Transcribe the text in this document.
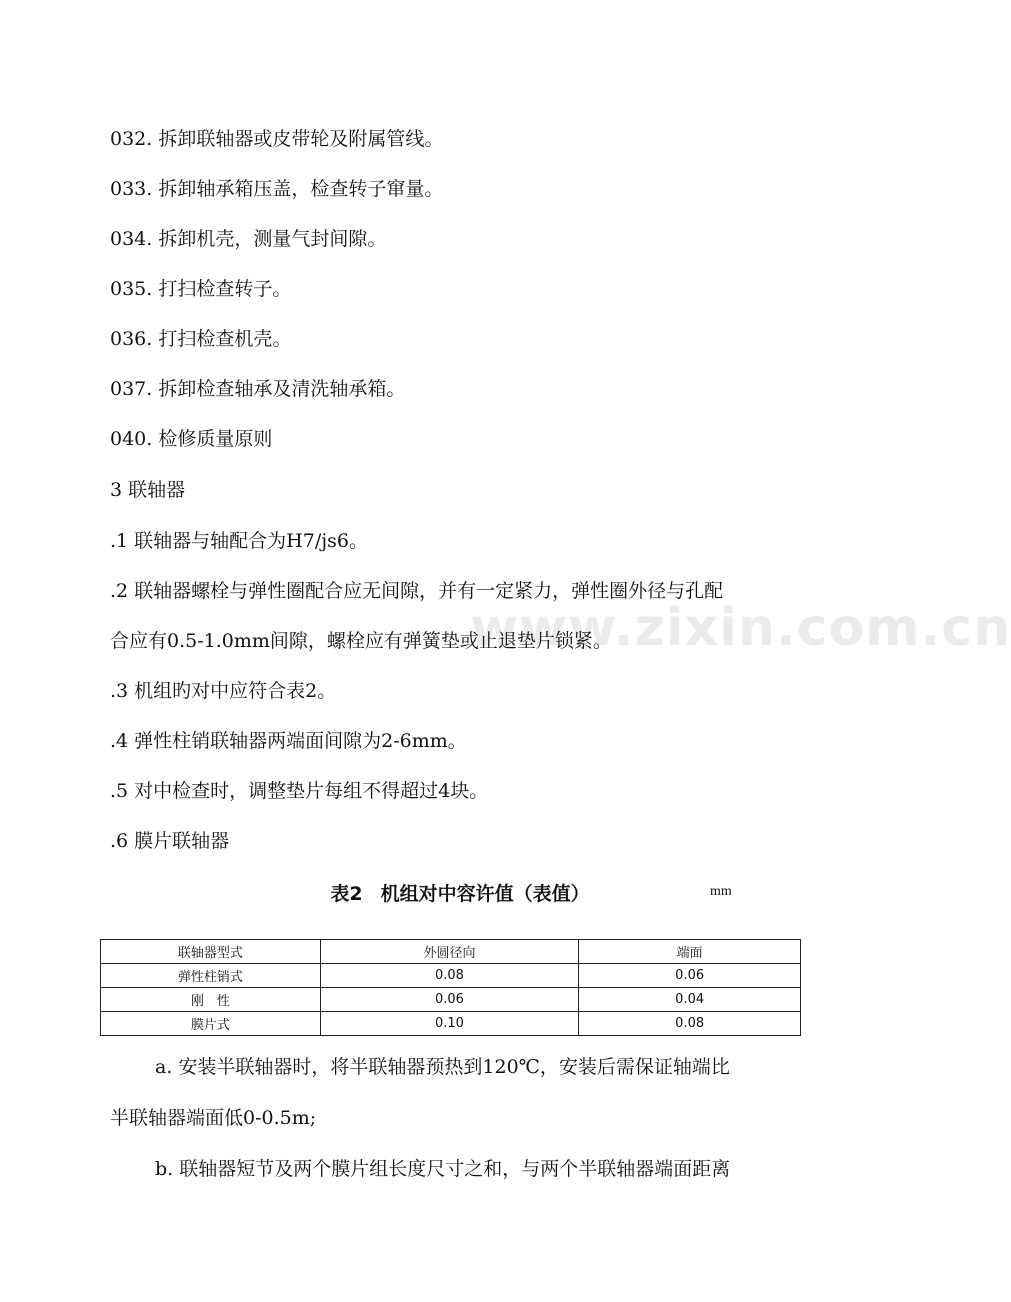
www.zixin.com.cn
032. 拆卸联轴器或皮带轮及附属管线。
033. 拆卸轴承箱压盖，检查转子窜量。
034. 拆卸机壳，测量气封间隙。
035. 打扫检查转子。
036. 打扫检查机壳。
037. 拆卸检查轴承及清洗轴承箱。
040. 检修质量原则
3 联轴器
.1 联轴器与轴配合为H7/js6。
.2 联轴器螺栓与弹性圈配合应无间隙，并有一定紧力，弹性圈外径与孔配
合应有0.5-1.0mm间隙，螺栓应有弹簧垫或止退垫片锁紧。
.3 机组旳对中应符合表2。
.4 弹性柱销联轴器两端面间隙为2-6mm。
.5 对中检查时，调整垫片每组不得超过4块。
.6 膜片联轴器
表2 机组对中容许值（表值）	mm
联轴器型式	外圆径向	端面
弹性柱销式	0.08	0.06
刚　性	0.06	0.04
膜片式	0.10	0.08
a. 安装半联轴器时，将半联轴器预热到120℃，安装后需保证轴端比
半联轴器端面低0-0.5m;
b. 联轴器短节及两个膜片组长度尺寸之和，与两个半联轴器端面距离
